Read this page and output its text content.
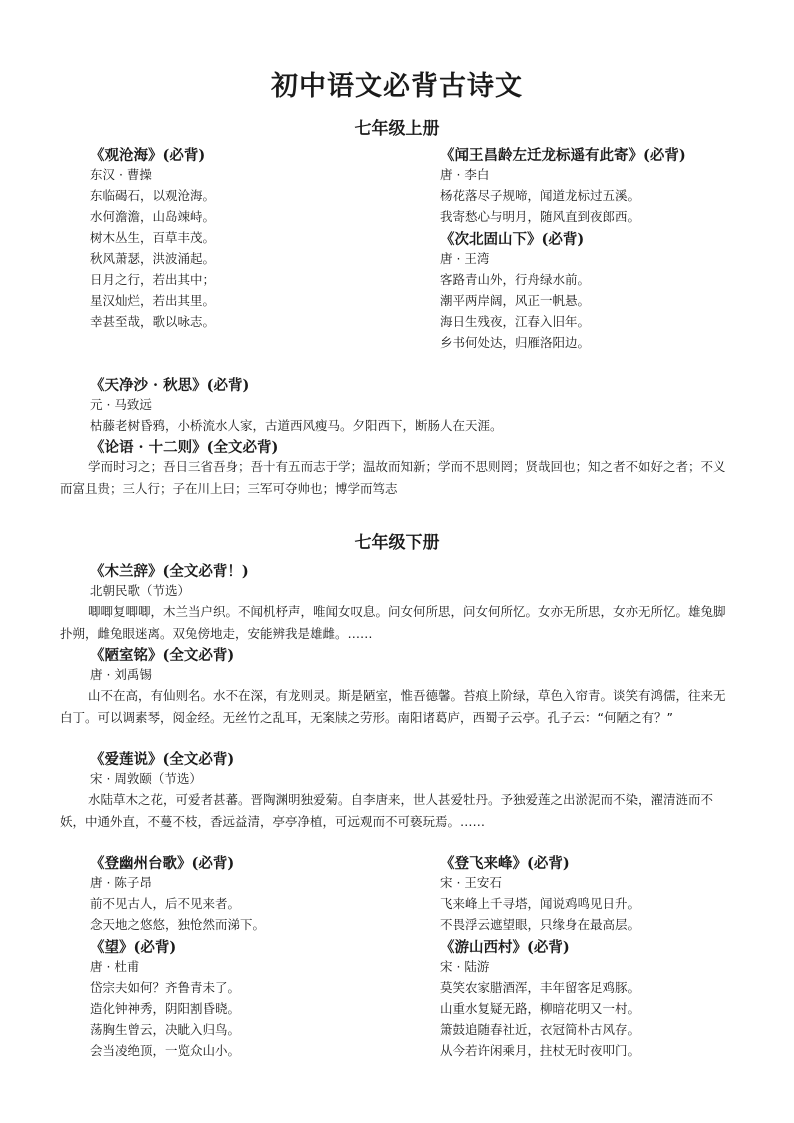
初中语文必背古诗文
七年级上册
《观沧海》(必背)
东汉 · 曹操
东临碣石，以观沧海。
水何澹澹，山岛竦峙。
树木丛生，百草丰茂。
秋风萧瑟，洪波涌起。
日月之行，若出其中；
星汉灿烂，若出其里。
幸甚至哉，歌以咏志。
《闻王昌龄左迁龙标遥有此寄》(必背)
唐 · 李白
杨花落尽子规啼，闻道龙标过五溪。
我寄愁心与明月，随风直到夜郎西。
《次北固山下》(必背)
唐 · 王湾
客路青山外，行舟绿水前。
潮平两岸阔，风正一帆悬。
海日生残夜，江春入旧年。
乡书何处达，归雁洛阳边。
《天净沙 · 秋思》(必背)
元 · 马致远
枯藤老树昏鸦，小桥流水人家，古道西风瘦马。夕阳西下，断肠人在天涯。
《论语 · 十二则》(全文必背)
学而时习之；吾日三省吾身；吾十有五而志于学；温故而知新；学而不思则罔；贤哉回也；知之者不如好之者；不义而富且贵；三人行；子在川上曰；三军可夺帅也；博学而笃志
七年级下册
《木兰辞》(全文必背！)
北朝民歌（节选）
唧唧复唧唧，木兰当户织。不闻机杼声，唯闻女叹息。问女何所思，问女何所忆。女亦无所思，女亦无所忆。雄兔脚扑朔，雌兔眼迷离。双兔傍地走，安能辨我是雄雌。……
《陋室铭》(全文必背)
唐 · 刘禹锡
山不在高，有仙则名。水不在深，有龙则灵。斯是陋室，惟吾德馨。苔痕上阶绿，草色入帘青。谈笑有鸿儒，往来无白丁。可以调素琴，阅金经。无丝竹之乱耳，无案牍之劳形。南阳诸葛庐，西蜀子云亭。孔子云：“何陋之有？”
《爱莲说》(全文必背)
宋 · 周敦颐（节选）
水陆草木之花，可爱者甚蕃。晋陶渊明独爱菊。自李唐来，世人甚爱牡丹。予独爱莲之出淤泥而不染，濯清涟而不妖，中通外直，不蔓不枝，香远益清，亭亭净植，可远观而不可亵玩焉。……
《登幽州台歌》(必背)
唐 · 陈子昂
前不见古人，后不见来者。
念天地之悠悠，独怆然而涕下。
《望》(必背)
唐 · 杜甫
岱宗夫如何？齐鲁青未了。
造化钟神秀，阴阳割昏晓。
荡胸生曾云，决眦入归鸟。
会当凌绝顶，一览众山小。
《登飞来峰》(必背)
宋 · 王安石
飞来峰上千寻塔，闻说鸡鸣见日升。
不畏浮云遮望眼，只缘身在最高层。
《游山西村》(必背)
宋 · 陆游
莫笑农家腊酒浑，丰年留客足鸡豚。
山重水复疑无路，柳暗花明又一村。
箫鼓追随春社近，衣冠简朴古风存。
从今若许闲乘月，拄杖无时夜叩门。
